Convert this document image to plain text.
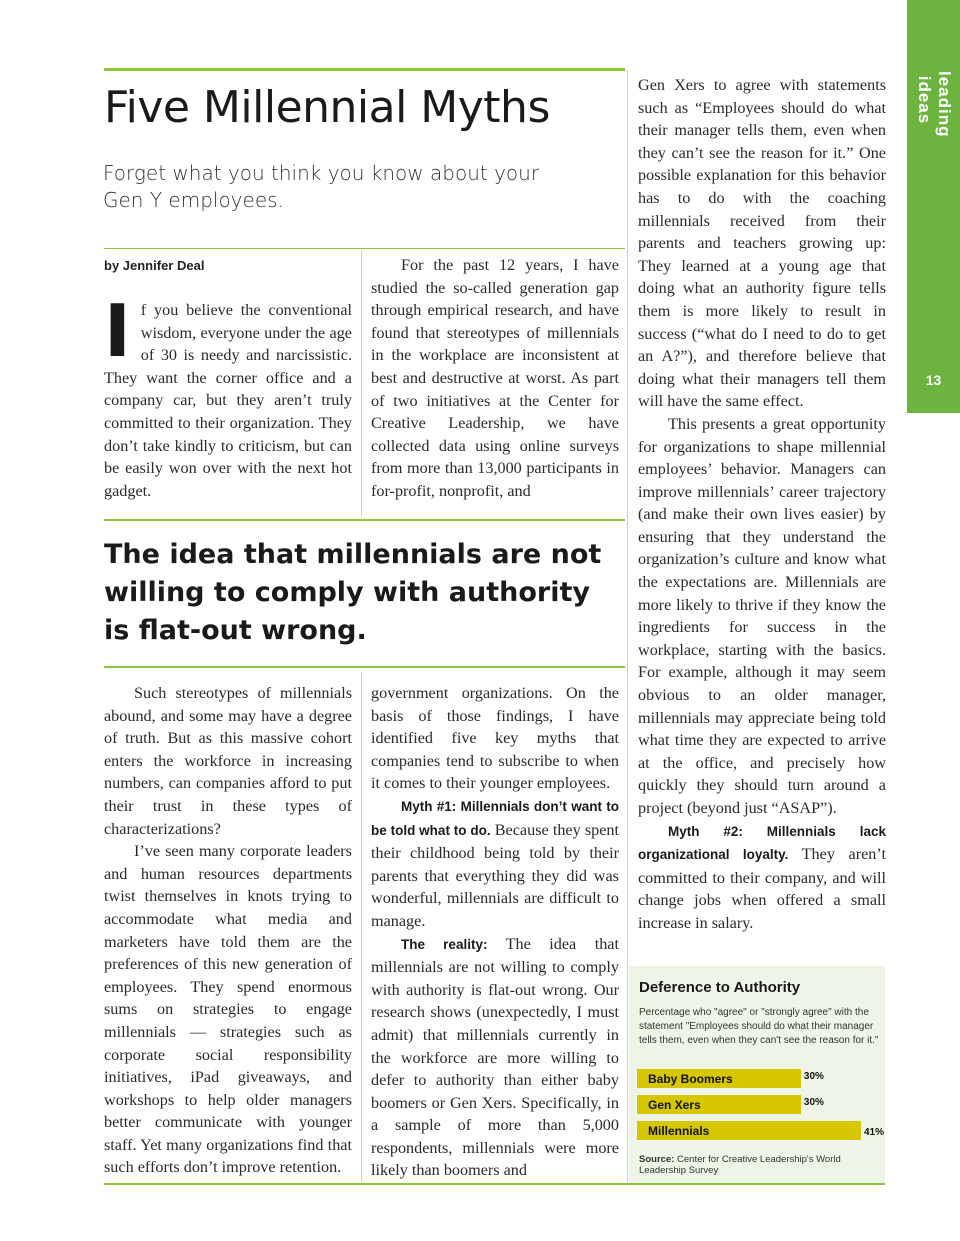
leading ideas
13
Five Millennial Myths

Forget what you think you know about your Gen Y employees.

by Jennifer Deal

If you believe the conventional wisdom, everyone under the age of 30 is needy and narcissistic. They want the corner office and a company car, but they aren’t truly committed to their organization. They don’t take kindly to criticism, but can be easily won over with the next hot gadget.

For the past 12 years, I have studied the so-called generation gap through empirical research, and have found that stereotypes of millennials in the workplace are inconsistent at best and destructive at worst. As part of two initiatives at the Center for Creative Leadership, we have collected data using online surveys from more than 13,000 participants in for-profit, nonprofit, and

The idea that millennials are not willing to comply with authority is flat-out wrong.

Such stereotypes of millennials abound, and some may have a degree of truth. But as this massive cohort enters the workforce in increasing numbers, can companies afford to put their trust in these types of characterizations?

I’ve seen many corporate leaders and human resources departments twist themselves in knots trying to accommodate what media and marketers have told them are the preferences of this new generation of employees. They spend enormous sums on strategies to engage millennials — strategies such as corporate social responsibility initiatives, iPad giveaways, and workshops to help older managers better communicate with younger staff. Yet many organizations find that such efforts don’t improve retention.

government organizations. On the basis of those findings, I have identified five key myths that companies tend to subscribe to when it comes to their younger employees.

Myth #1: Millennials don’t want to be told what to do. Because they spent their childhood being told by their parents that everything they did was wonderful, millennials are difficult to manage.

The reality: The idea that millennials are not willing to comply with authority is flat-out wrong. Our research shows (unexpectedly, I must admit) that millennials currently in the workforce are more willing to defer to authority than either baby boomers or Gen Xers. Specifically, in a sample of more than 5,000 respondents, millennials were more likely than boomers and

Gen Xers to agree with statements such as “Employees should do what their manager tells them, even when they can’t see the reason for it.” One possible explanation for this behavior has to do with the coaching millennials received from their parents and teachers growing up: They learned at a young age that doing what an authority figure tells them is more likely to result in success (“what do I need to do to get an A?”), and therefore believe that doing what their managers tell them will have the same effect.

This presents a great opportunity for organizations to shape millennial employees’ behavior. Managers can improve millennials’ career trajectory (and make their own lives easier) by ensuring that they understand the organization’s culture and know what the expectations are. Millennials are more likely to thrive if they know the ingredients for success in the workplace, starting with the basics. For example, although it may seem obvious to an older manager, millennials may appreciate being told what time they are expected to arrive at the office, and precisely how quickly they should turn around a project (beyond just “ASAP”).

Myth #2: Millennials lack organizational loyalty. They aren’t committed to their company, and will change jobs when offered a small increase in salary.

Deference to Authority
Percentage who "agree" or "strongly agree" with the statement "Employees should do what their manager tells them, even when they can't see the reason for it."
Source: Center for Creative Leadership's World Leadership Survey
Baby Boomers	30%
Gen Xers	30%
Millennials	41%
